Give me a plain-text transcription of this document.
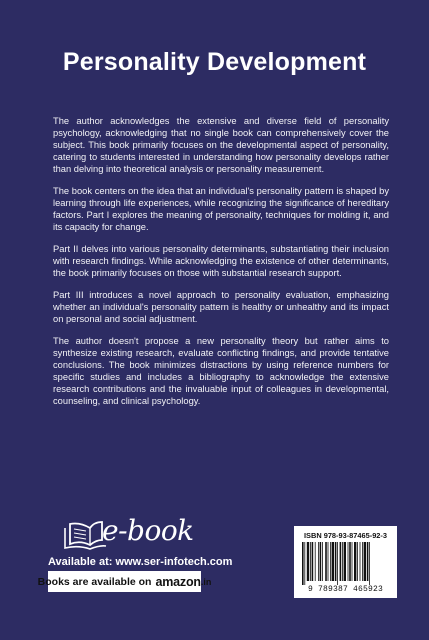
Personality Development

The author acknowledges the extensive and diverse field of personality psychology, acknowledging that no single book can comprehensively cover the subject. This book primarily focuses on the developmental aspect of personality, catering to students interested in understanding how personality develops rather than delving into theoretical analysis or personality measurement.

The book centers on the idea that an individual's personality pattern is shaped by learning through life experiences, while recognizing the significance of hereditary factors. Part I explores the meaning of personality, techniques for molding it, and its capacity for change.

Part II delves into various personality determinants, substantiating their inclusion with research findings. While acknowledging the existence of other determinants, the book primarily focuses on those with substantial research support.

Part III introduces a novel approach to personality evaluation, emphasizing whether an individual's personality pattern is healthy or unhealthy and its impact on personal and social adjustment.

The author doesn't propose a new personality theory but rather aims to synthesize existing research, evaluate conflicting findings, and provide tentative conclusions. The book minimizes distractions by using reference numbers for specific studies and includes a bibliography to acknowledge the extensive research contributions and the invaluable input of colleagues in developmental, counseling, and clinical psychology.

e-book
Available at: www.ser-infotech.com
Books are available on amazon .in
ISBN 978-93-87465-92-3
9 789387 465923
